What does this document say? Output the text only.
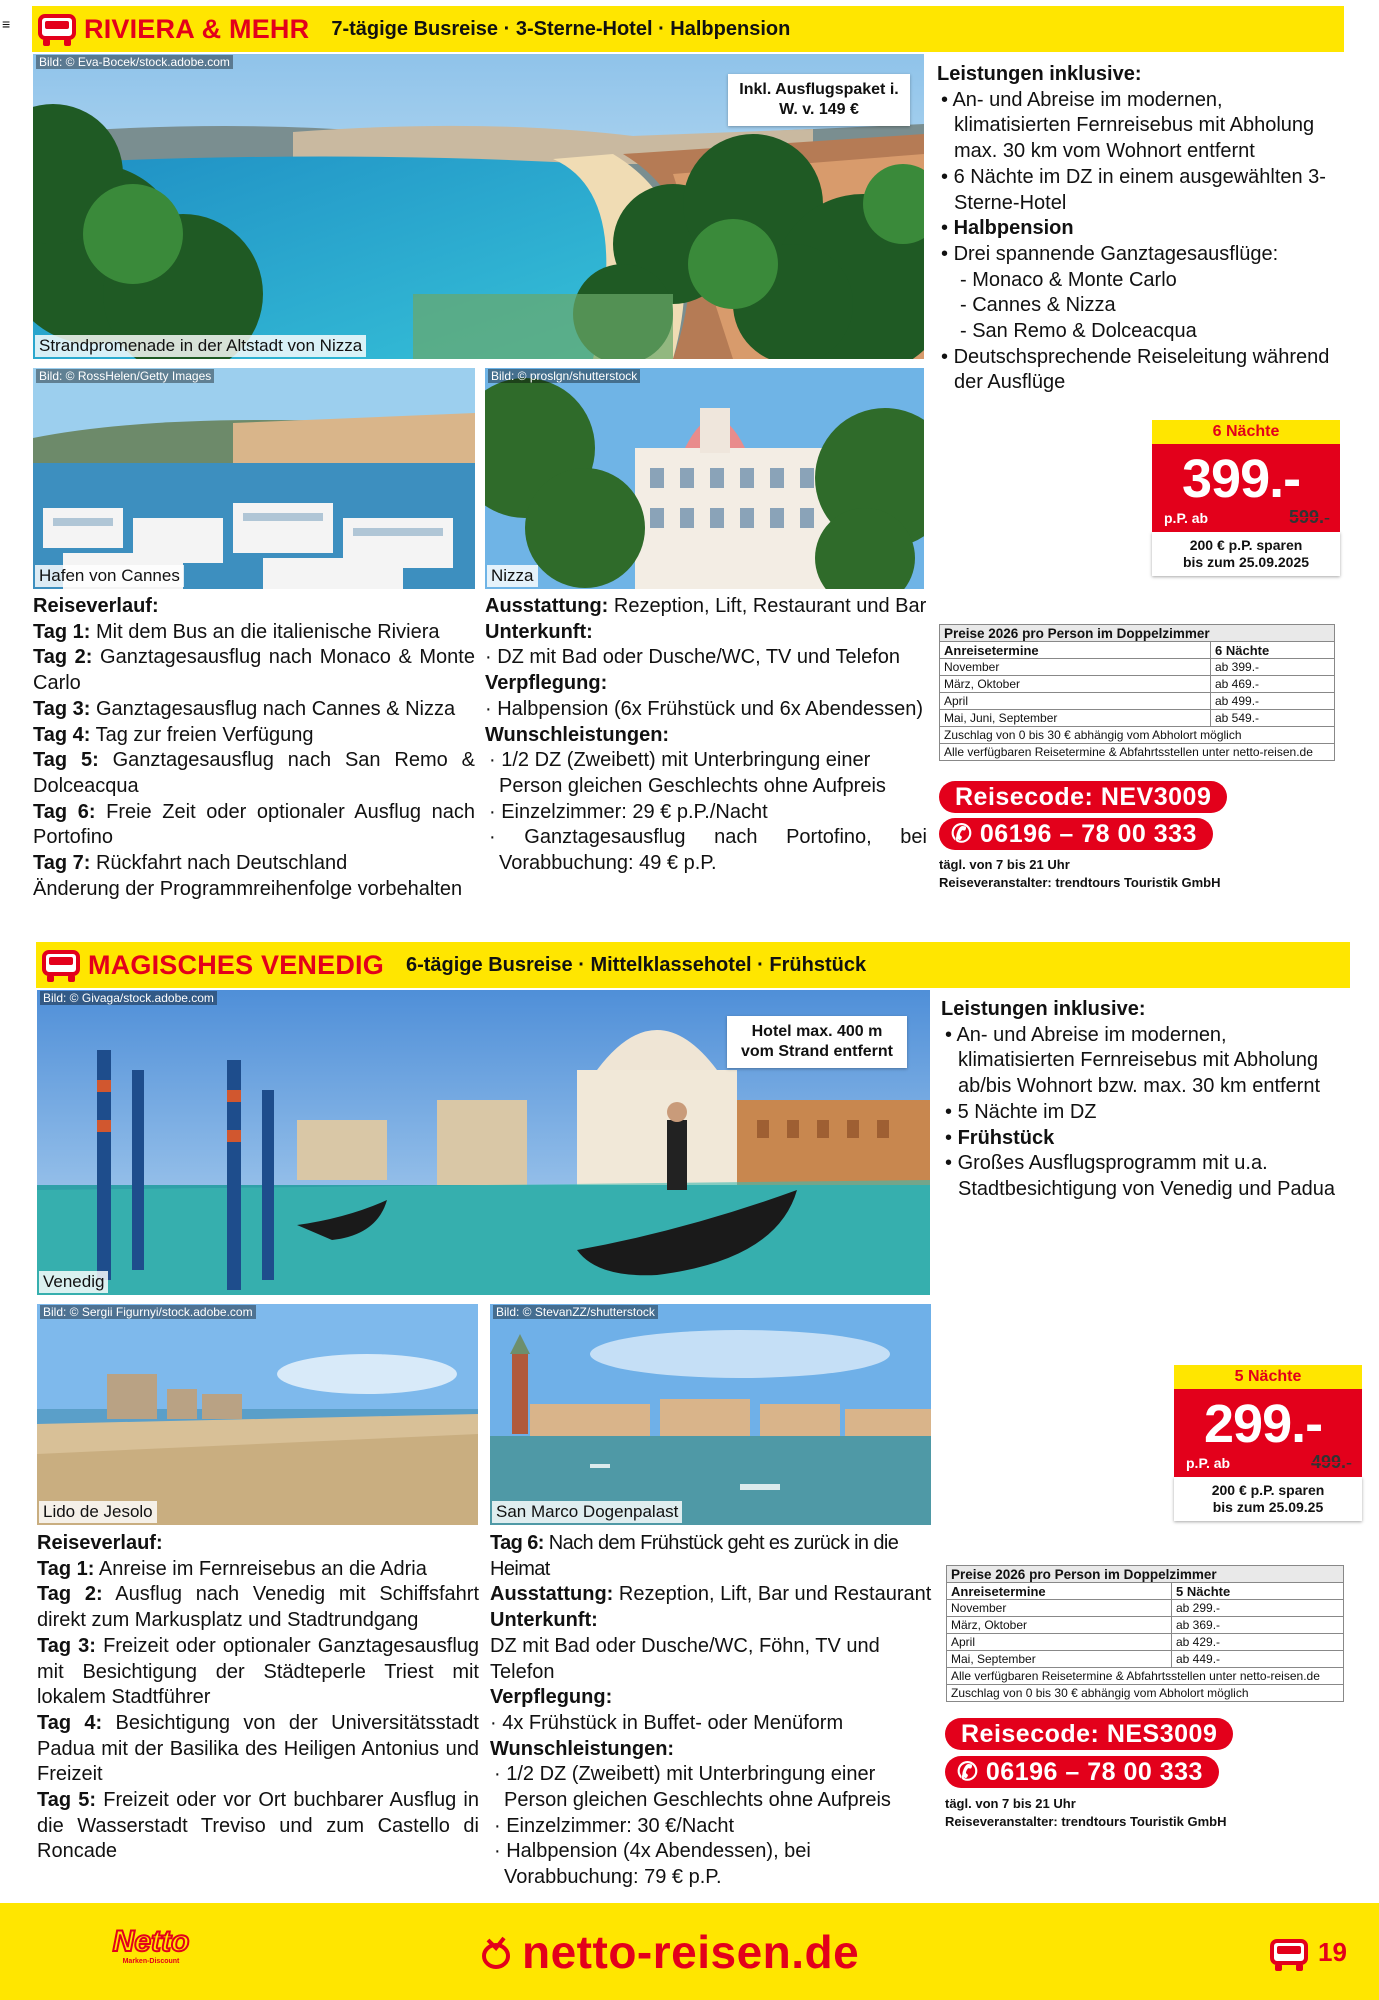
≡	RIVIERA & MEHR 7-tägige Busreise · 3-Sterne-Hotel · Halbpension
Bild: © Eva-Bocek/stock.adobe.com
Strandpromenade in der Altstadt von Nizza
Inkl. Ausflugspaket i. W. v. 149 €
Leistungen inklusive:
• An- und Abreise im modernen, klimatisierten Fernreisebus mit Abholung max. 30 km vom Wohnort entfernt
• 6 Nächte im DZ in einem ausgewählten 3-Sterne-Hotel
• Halbpension
• Drei spannende Ganztagesausflüge:
- Monaco & Monte Carlo
- Cannes & Nizza
- San Remo & Dolceacqua
• Deutschsprechende Reiseleitung während der Ausflüge
Bild: © RossHelen/Getty Images
Hafen von Cannes
Bild: © proslgn/shutterstock
Nizza
6 Nächte
399.-
p.P. ab	599.-
200 € p.P. sparen
bis zum 25.09.2025
Reiseverlauf:
Tag 1: Mit dem Bus an die italienische Riviera
Tag 2: Ganztagesausflug nach Monaco & Monte Carlo
Tag 3: Ganztagesausflug nach Cannes & Nizza
Tag 4: Tag zur freien Verfügung
Tag 5: Ganztagesausflug nach San Remo & Dolceacqua
Tag 6: Freie Zeit oder optionaler Ausflug nach Portofino
Tag 7: Rückfahrt nach Deutschland
Änderung der Programmreihenfolge vorbehalten
Ausstattung: Rezeption, Lift, Restaurant und Bar
Unterkunft:
· DZ mit Bad oder Dusche/WC, TV und Telefon
Verpflegung:
· Halbpension (6x Frühstück und 6x Abendessen)
Wunschleistungen:
· 1/2 DZ (Zweibett) mit Unterbringung einer Person gleichen Geschlechts ohne Aufpreis
· Einzelzimmer: 29 € p.P./Nacht
· Ganztagesausflug nach Portofino, bei Vorabbuchung: 49 € p.P.
Preise 2026 pro Person im Doppelzimmer	
Anreisetermine	6 Nächte
November	ab 399.-
März, Oktober	ab 469.-
April	ab 499.-
Mai, Juni, September	ab 549.-
Zuschlag von 0 bis 30 € abhängig vom Abholort möglich	
Alle verfügbaren Reisetermine & Abfahrtsstellen unter netto-reisen.de	
Reisecode: NEV3009
✆ 06196 – 78 00 333
tägl. von 7 bis 21 Uhr
Reiseveranstalter: trendtours Touristik GmbH
MAGISCHES VENEDIG 6-tägige Busreise · Mittelklassehotel · Frühstück
Bild: © Givaga/stock.adobe.com
Venedig
Hotel max. 400 m vom Strand entfernt
Leistungen inklusive:
• An- und Abreise im modernen, klimatisierten Fernreisebus mit Abholung ab/bis Wohnort bzw. max. 30 km entfernt
• 5 Nächte im DZ
• Frühstück
• Großes Ausflugsprogramm mit u.a. Stadtbesichtigung von Venedig und Padua
Bild: © Sergii Figurnyi/stock.adobe.com
Lido de Jesolo
Bild: © StevanZZ/shutterstock
San Marco Dogenpalast
5 Nächte
299.-
p.P. ab	499.-
200 € p.P. sparen
bis zum 25.09.25
Reiseverlauf:
Tag 1: Anreise im Fernreisebus an die Adria
Tag 2: Ausflug nach Venedig mit Schiffsfahrt direkt zum Markusplatz und Stadtrundgang
Tag 3: Freizeit oder optionaler Ganztagesausflug mit Besichtigung der Städteperle Triest mit lokalem Stadtführer
Tag 4: Besichtigung von der Universitätsstadt Padua mit der Basilika des Heiligen Antonius und Freizeit
Tag 5: Freizeit oder vor Ort buchbarer Ausflug in die Wasserstadt Treviso und zum Castello di Roncade
Tag 6: Nach dem Frühstück geht es zurück in die Heimat
Ausstattung: Rezeption, Lift, Bar und Restaurant
Unterkunft:
DZ mit Bad oder Dusche/WC, Föhn, TV und Telefon
Verpflegung:
· 4x Frühstück in Buffet- oder Menüform
Wunschleistungen:
· 1/2 DZ (Zweibett) mit Unterbringung einer Person gleichen Geschlechts ohne Aufpreis
· Einzelzimmer: 30 €/Nacht
· Halbpension (4x Abendessen), bei Vorabbuchung: 79 € p.P.
Preise 2026 pro Person im Doppelzimmer	
Anreisetermine	5 Nächte
November	ab 299.-
März, Oktober	ab 369.-
April	ab 429.-
Mai, September	ab 449.-
Alle verfügbaren Reisetermine & Abfahrtsstellen unter netto-reisen.de	
Zuschlag von 0 bis 30 € abhängig vom Abholort möglich	
Reisecode: NES3009
✆ 06196 – 78 00 333
tägl. von 7 bis 21 Uhr
Reiseveranstalter: trendtours Touristik GmbH
Netto
Marken-Discount	netto-reisen.de	19
